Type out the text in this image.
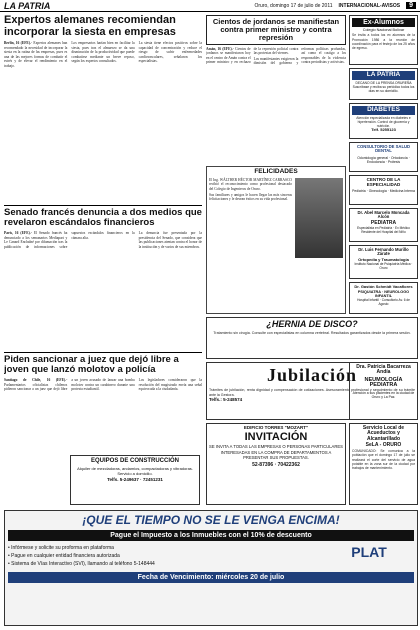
LA PATRIA	Oruro, domingo 17 de julio de 2011 INTERNACIONAL-AVISOS	9
Expertos alemanes recomiendan incorporar la siesta en empresas

Berlín, 16 (EFE).- Expertos alemanes han recomendado la necesidad de incorporar la siesta en la rutina de las empresas, pues es una de las mejores formas de combatir el estrés y de elevar el rendimiento en el trabajo.

Los empresarios harían bien en facilitar la siesta, pues tras el almuerzo se da una disminución de la productividad que puede combatirse mediante un breve reposo, según los expertos consultados.

La siesta tiene efectos positivos sobre la capacidad de concentración y reduce el riesgo de sufrir enfermedades cardiovasculares, señalaron los especialistas.

Senado francés denuncia a dos medios que revelaron escándalos financieros

París, 16 (EFE).- El Senado francés ha denunciado a los semanarios Mediapart y Le Canard Enchaîné por difamación tras la publicación de informaciones sobre supuestos escándalos financieros en la cámara alta.

La denuncia fue presentada por la presidencia del Senado, que considera que las publicaciones atentan contra el honor de la institución y de varios de sus miembros.

Piden sancionar a juez que dejó libre a joven que lanzó molotov a policía

Santiago de Chile, 16 (EFE).- Parlamentarios oficialistas chilenos pidieron sancionar a un juez que dejó libre a un joven acusado de lanzar una bomba molotov contra un carabinero durante una protesta estudiantil.

Los legisladores consideraron que la resolución del magistrado envía una señal equivocada a la ciudadanía.

EQUIPOS DE CONSTRUCCIÓN
Alquiler de mezcladoras, andamios, compactadoras y vibradoras. Servicio a domicilio.
Telfs. 5-249637 · 72451231
Cientos de jordanos se manifiestan contra primer ministro y contra represión

Amán, 16 (EFE).- Cientos de jordanos se manifestaron hoy en el centro de Amán contra el primer ministro y en rechazo de la represión policial contra las protestas del viernes.

Los manifestantes exigieron la dimisión del gobierno y reformas políticas profundas, así como el castigo a los responsables de la violencia contra periodistas y activistas.

FELICIDADES

El Ing. WÁLTHER HÉCTOR MARTÍNEZ CARRASCO recibió el reconocimiento como profesional destacado del Colegio de Ingenieros de Oruro.

Sus familiares y amigos le hacen llegar las más sinceras felicitaciones y le desean éxitos en su vida profesional.

¿HERNIA DE DISCO?
Tratamiento sin cirugía. Consulte con especialistas en columna vertebral. Resultados garantizados desde la primera sesión.
Jubilación
Trámites de jubilación, renta dignidad y compensación de cotizaciones. Asesoramiento profesional y seguimiento de su trámite ante la Gestora.
Telfs.: 5-248574
EDIFICIO TORRES "MOZART"
INVITACIÓN
SE INVITA A TODAS LAS EMPRESAS O PERSONAS PARTICULARES INTERESADAS EN LA COMPRA DE DEPARTAMENTOS A PRESENTAR SUS PROPUESTAS.
52-87396 · 70422362
Servicio Local de Acueductos y Alcantarillado
SeLA - ORURO
COMUNICADO: Se comunica a la población que el domingo 17 de julio se realizará el corte del servicio de agua potable en la zona sur de la ciudad por trabajos de mantenimiento.
Ex-Alumnos
Colegio Nacional Bolívar
Se invita a todos los ex alumnos de la Promoción 1986 a la reunión de coordinación para el festejo de los 25 años de egreso.
LA PATRIA
DECANO DE LA PRENSA ORUREÑA
Suscríbase y reciba su periódico todos los días en su domicilio.
DIABETES
Atención especializada en diabetes e hipertensión. Control de glucemia y nutrición.
Telf. 5255123
CONSULTORIO DE SALUD DENTAL
Odontología general · Ortodoncia · Endodoncia · Prótesis
CENTRO DE LA ESPECIALIDAD
Pediatría · Ginecología · Medicina Interna
Dr. Abel Marcelo Moncada Alcón
PEDIATRA
Especialista en Pediatría · Ex Médico Residente del Hospital del Niño
Dr. Luis Fernando Murillo Zárate
Ortopedia y Traumatología
Instituto Nacional de Psiquiatría Médica · Oruro
Dr. Gastón Schmidt Vacaflores
PSIQUIATRA · NEUROLOGO INFANTIL
Hospital Infantil · Consultorio Av. 6 de Agosto
Dra. Patricia Bacarreza Andía
NEUMOLOGÍA PEDIATRA
Atención a sus pacientes en la ciudad de Oruro y La Paz.
¡QUE EL TIEMPO NO SE LE VENGA ENCIMA!
Pague el Impuesto a los Inmuebles con el 10% de descuento
• Infórmese y solicite su proforma en plataforma
• Pague en cualquier entidad financiera autorizada
• Sistema de Vías Interactivo (SVI), llamando al teléfono 5-148444
PLAT
Fecha de Vencimiento: miércoles 20 de julio
